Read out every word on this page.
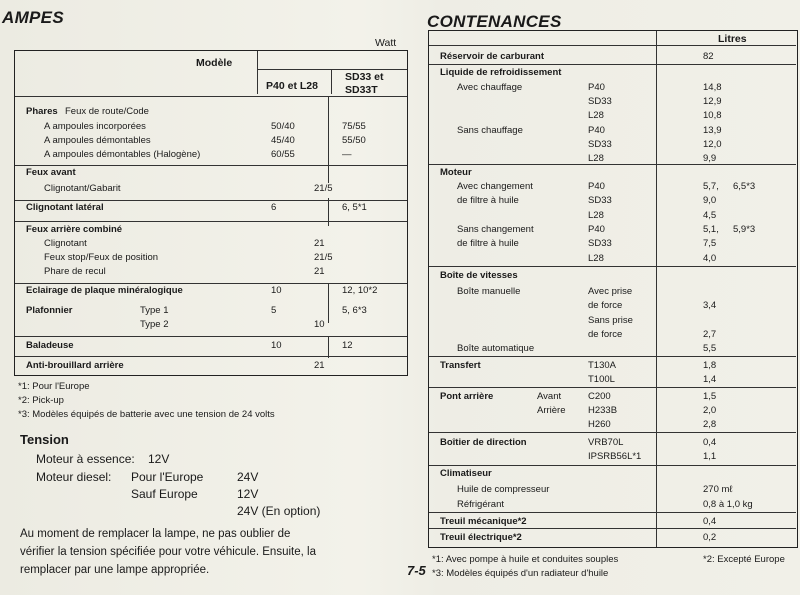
AMPES
Watt
Modèle
P40 et L28
SD33 et
SD33T
Phares Feux de route/Code
A ampoules incorporées	50/40	75/55
A ampoules démontables	45/40	55/50
A ampoules démontables (Halogène)	60/55	—
Feux avant
Clignotant/Gabarit	21/5
Clignotant latéral	6	6, 5*1
Feux arrière combiné
Clignotant	21
Feux stop/Feux de position	21/5
Phare de recul	21
Eclairage de plaque minéralogique	10	12, 10*2
Plafonnier	Type 1	5	5, 6*3
Type 2	10
Baladeuse	10	12
Anti-brouillard arrière	21
*1: Pour l'Europe
*2: Pick-up
*3: Modèles équipés de batterie avec une tension de 24 volts
Tension
Moteur à essence: 12V
Moteur diesel: Pour l'Europe	24V
Sauf Europe	12V
24V (En option)
Au moment de remplacer la lampe, ne pas oublier de
vérifier la tension spécifiée pour votre véhicule. Ensuite, la
remplacer par une lampe appropriée.	7-5
CONTENANCES
Litres
Réservoir de carburant	82
Liquide de refroidissement
Avec chauffage	P40	14,8
SD33	12,9
L28	10,8
Sans chauffage	P40	13,9
SD33	12,0
L28	9,9
Moteur
Avec changement	P40	5,7, 6,5*3
de filtre à huile	SD33	9,0
L28	4,5
Sans changement	P40	5,1, 5,9*3
de filtre à huile	SD33	7,5
L28	4,0
Boîte de vitesses
Boîte manuelle	Avec prise
de force	3,4
Sans prise
de force	2,7
Boîte automatique	5,5
Transfert	T130A	1,8
T100L	1,4
Pont arrière	Avant	C200	1,5
Arrière H233B	2,0
H260	2,8
Boîtier de direction	VRB70L	0,4
IPSRB56L*1	1,1
Climatiseur
Huile de compresseur	270 mℓ
Réfrigérant	0,8 à 1,0 kg
Treuil mécanique*2	0,4
Treuil électrique*2	0,2
*1: Avec pompe à huile et conduites souples	*2: Excepté Europe
*3: Modèles équipés d'un radiateur d'huile
